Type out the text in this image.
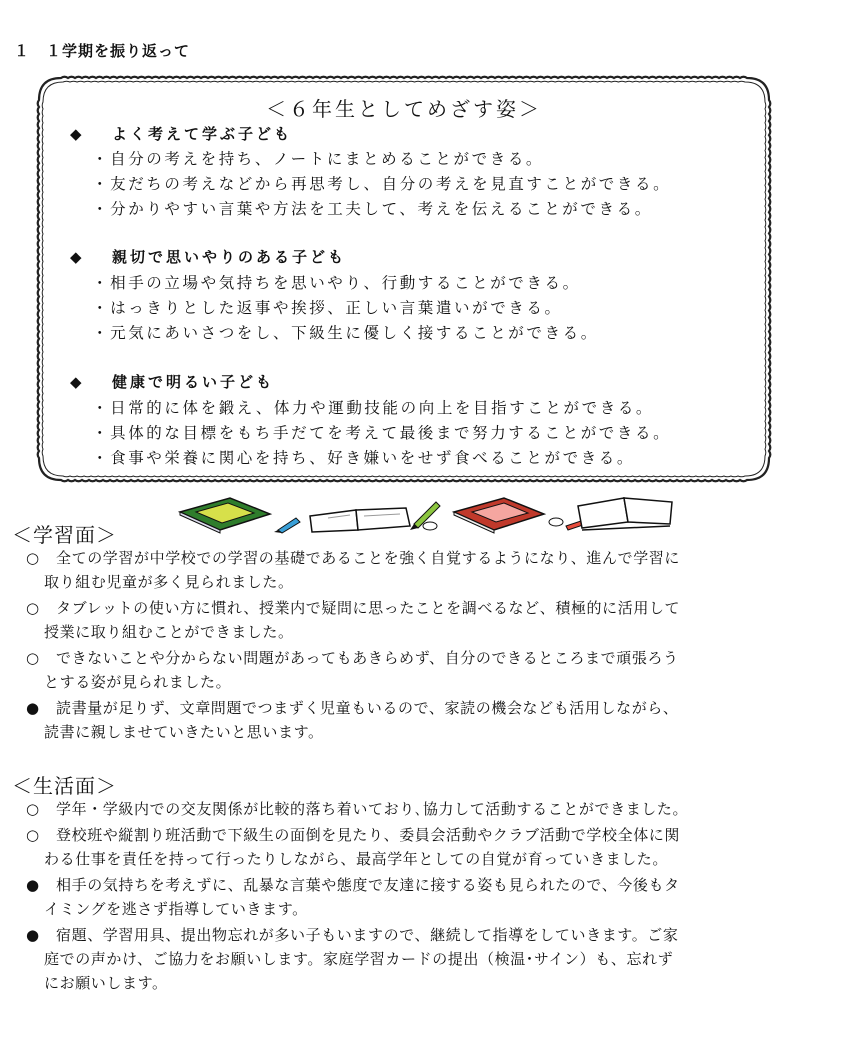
１　１学期を振り返って
＜６年生としてめざす姿＞
◆ よく考えて学ぶ子ども
・自分の考えを持ち、ノートにまとめることができる。
・友だちの考えなどから再思考し、自分の考えを見直すことができる。
・分かりやすい言葉や方法を工夫して、考えを伝えることができる。
◆ 親切で思いやりのある子ども
・相手の立場や気持ちを思いやり、行動することができる。
・はっきりとした返事や挨拶、正しい言葉遣いができる。
・元気にあいさつをし、下級生に優しく接することができる。
◆ 健康で明るい子ども
・日常的に体を鍛え、体力や運動技能の向上を目指すことができる。
・具体的な目標をもち手だてを考えて最後まで努力することができる。
・食事や栄養に関心を持ち、好き嫌いをせず食べることができる。
＜学習面＞
○ 全ての学習が中学校での学習の基礎であることを強く自覚するようになり、進んで学習に
取り組む児童が多く見られました。
○ タブレットの使い方に慣れ、授業内で疑問に思ったことを調べるなど、積極的に活用して
授業に取り組むことができました。
○ できないことや分からない問題があってもあきらめず、自分のできるところまで頑張ろう
とする姿が見られました。
● 読書量が足りず、文章問題でつまずく児童もいるので、家読の機会なども活用しながら、
読書に親しませていきたいと思います。
＜生活面＞
○ 学年・学級内での交友関係が比較的落ち着いており､協力して活動することができました。
○ 登校班や縦割り班活動で下級生の面倒を見たり、委員会活動やクラブ活動で学校全体に関
わる仕事を責任を持って行ったりしながら、最高学年としての自覚が育っていきました。
● 相手の気持ちを考えずに、乱暴な言葉や態度で友達に接する姿も見られたので、今後もタ
イミングを逃さず指導していきます。
● 宿題、学習用具、提出物忘れが多い子もいますので、継続して指導をしていきます。ご家
庭での声かけ、ご協力をお願いします。家庭学習カードの提出（検温･サイン）も、忘れず
にお願いします。
